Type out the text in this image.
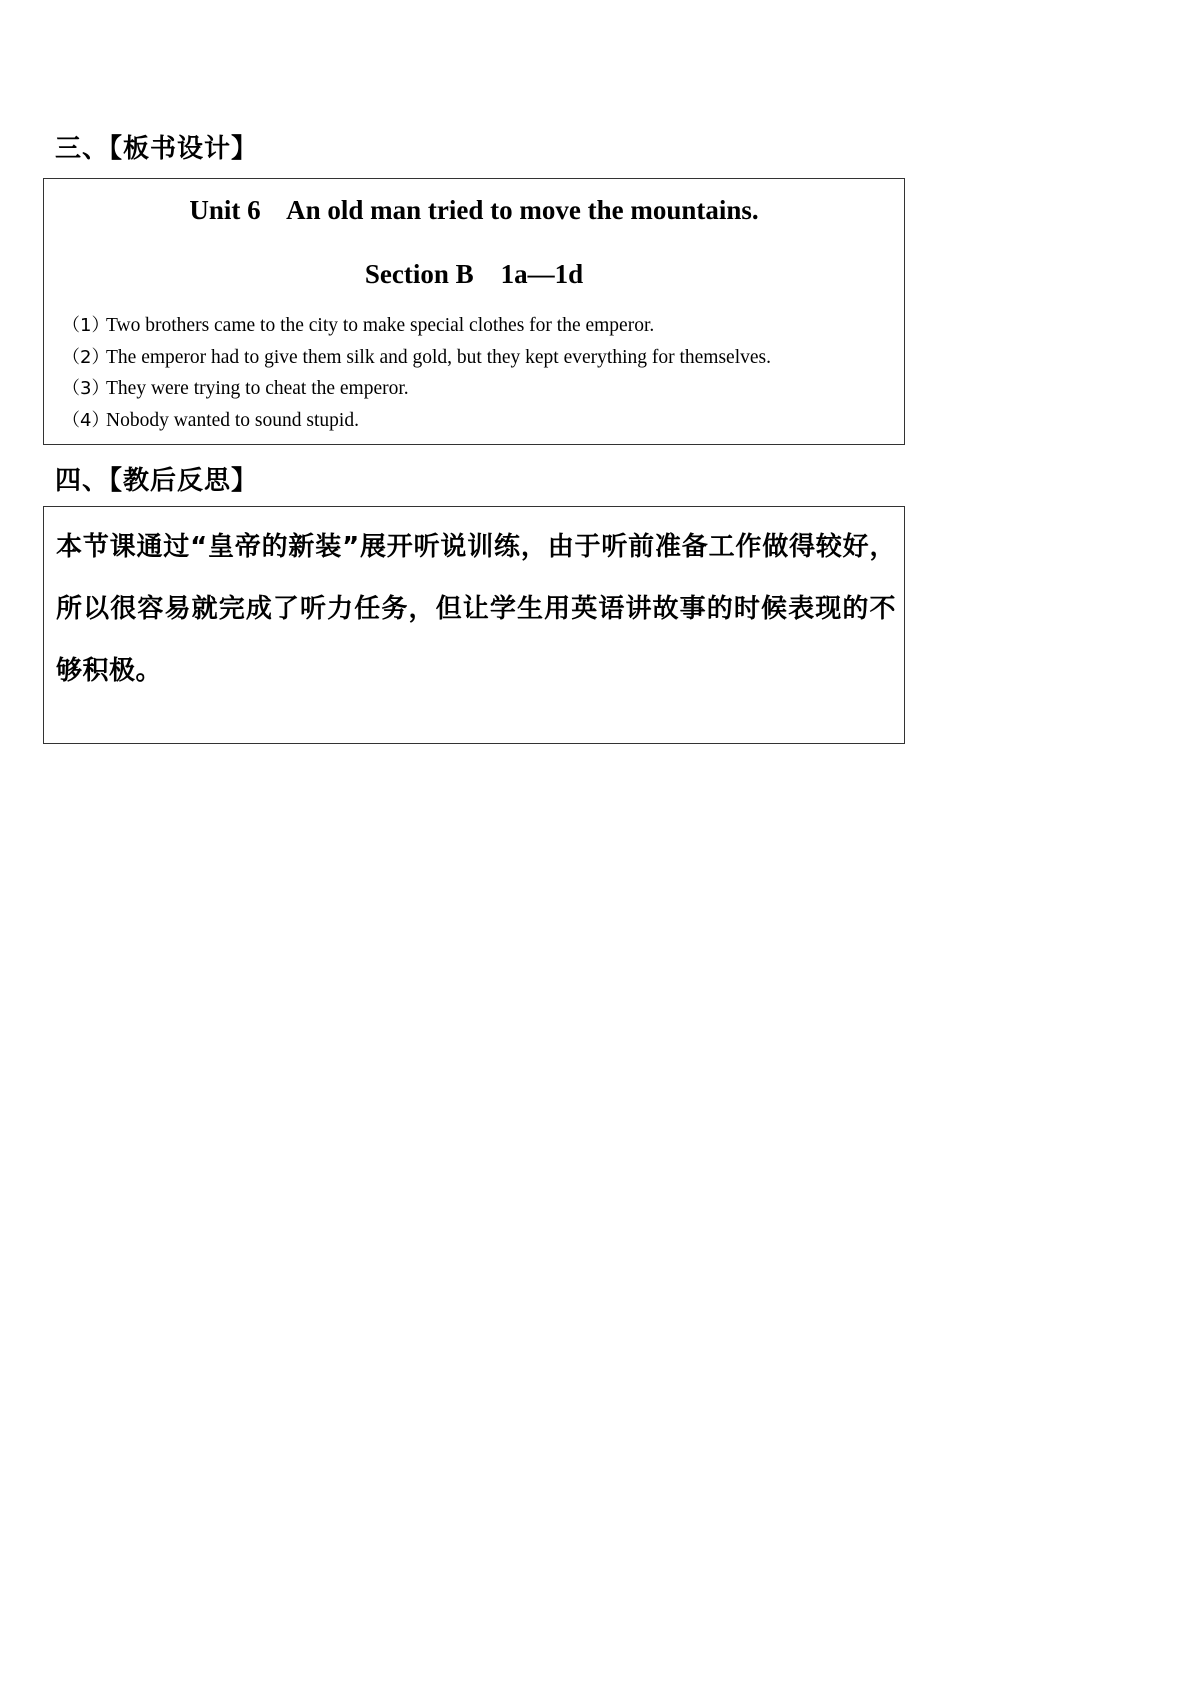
三、【板书设计】

Unit 6    An old man tried to move the mountains.

Section B    1a—1d

（1）Two brothers came to the city to make special clothes for the emperor.
（2）The emperor had to give them silk and gold, but they kept everything for themselves.
（3）They were trying to cheat the emperor.
（4）Nobody wanted to sound stupid.
四、【教后反思】

本节课通过“皇帝的新装”展开听说训练，由于听前准备工作做得较好，所以很容易就完成了听力任务，但让学生用英语讲故事的时候表现的不够积极。
